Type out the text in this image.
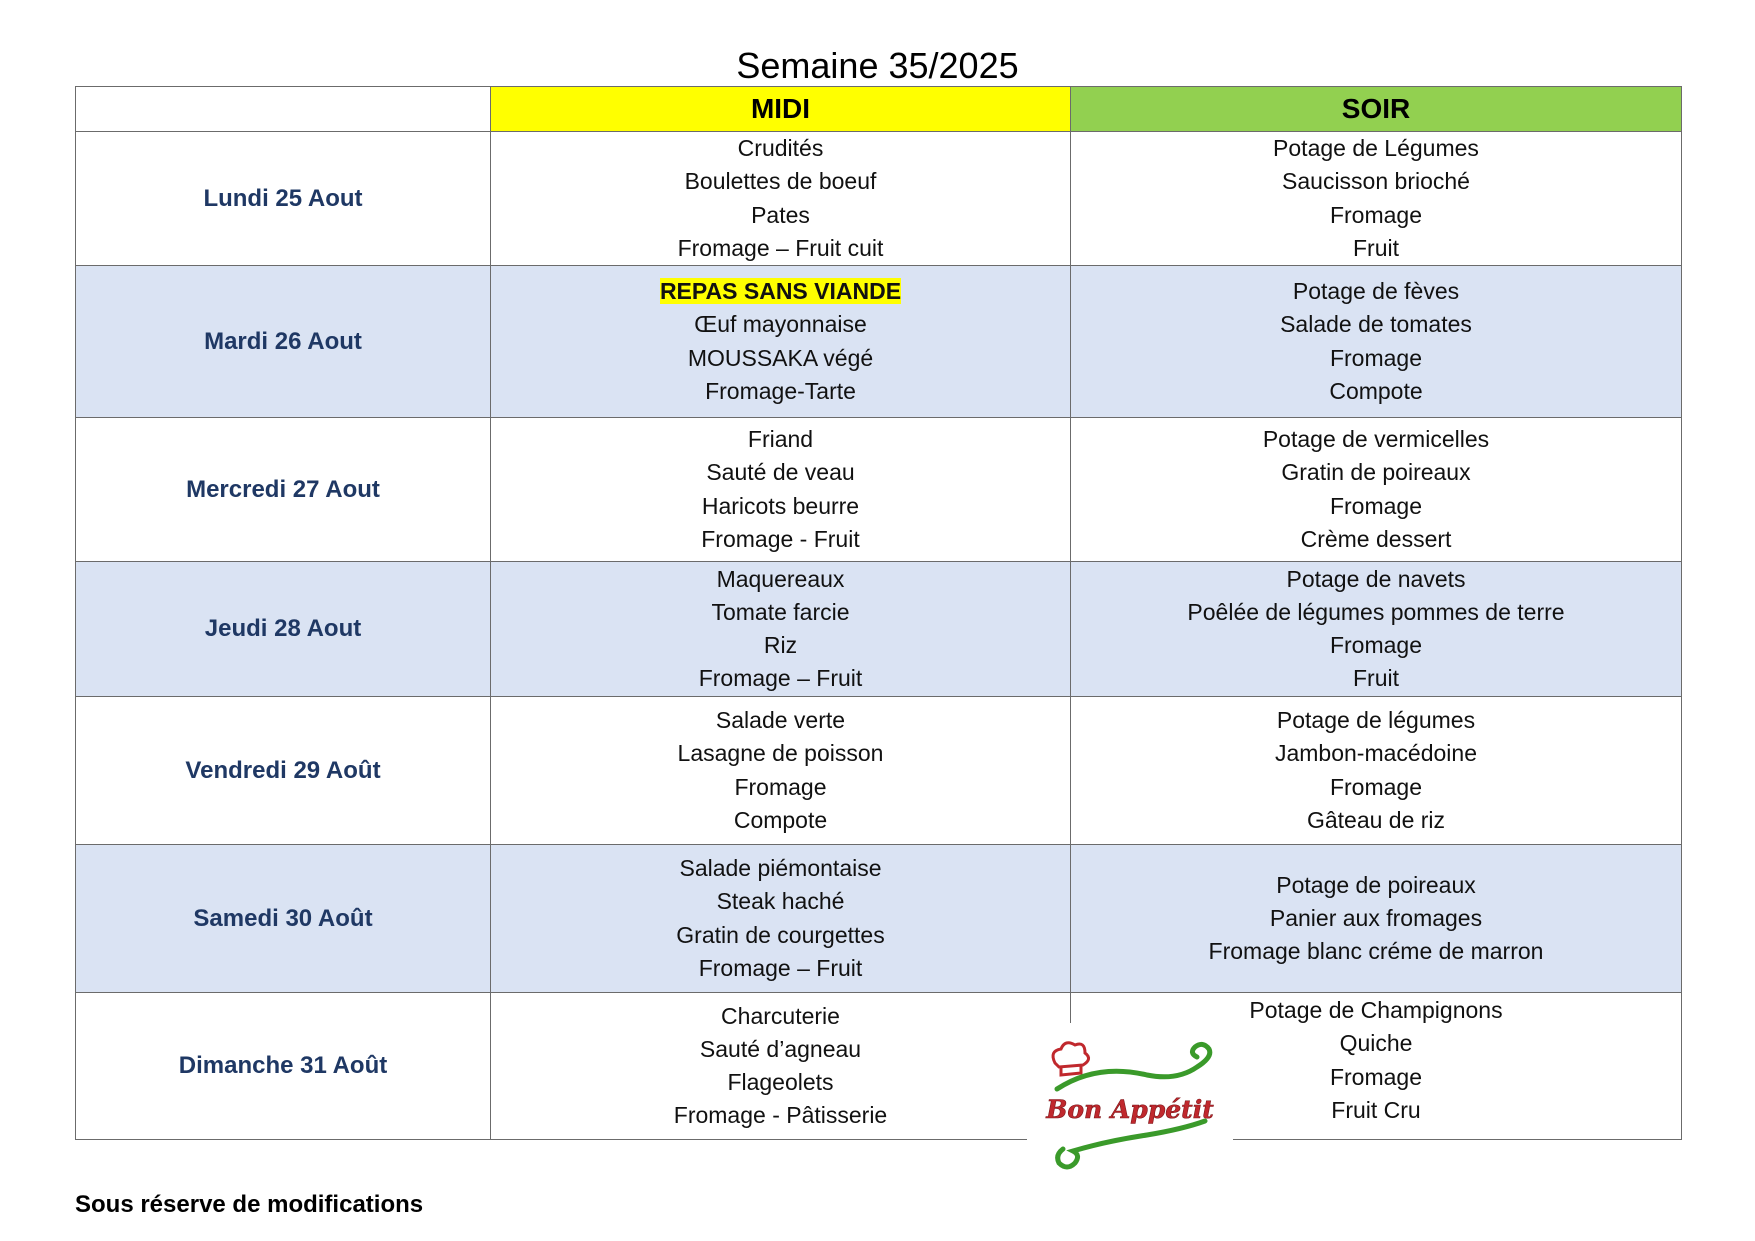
Semaine 35/2025
	MIDI	SOIR
Lundi 25 Aout	Crudités
Boulettes de boeuf
Pates
Fromage – Fruit cuit	Potage de Légumes
Saucisson brioché
Fromage
Fruit

Mardi 26 Aout	REPAS SANS VIANDE
Œuf mayonnaise
MOUSSAKA végé
Fromage-Tarte	Potage de fèves
Salade de tomates
Fromage
Compote

Mercredi 27 Aout	Friand
Sauté de veau
Haricots beurre
Fromage - Fruit	Potage de vermicelles
Gratin de poireaux
Fromage
Crème dessert

Jeudi 28 Aout	Maquereaux
Tomate farcie
Riz
Fromage – Fruit	Potage de navets
Poêlée de légumes pommes de terre
Fromage
Fruit

Vendredi 29 Août	Salade verte
Lasagne de poisson
Fromage
Compote	Potage de légumes
Jambon-macédoine
Fromage
Gâteau de riz

Samedi 30 Août	Salade piémontaise
Steak haché
Gratin de courgettes
Fromage – Fruit	Potage de poireaux
Panier aux fromages
Fromage blanc créme de marron

Dimanche 31 Août	Charcuterie
Sauté d’agneau
Flageolets
Fromage - Pâtisserie	Potage de Champignons
Quiche
Fromage
Fruit Cru
Bon Appétit
Sous réserve de modifications
